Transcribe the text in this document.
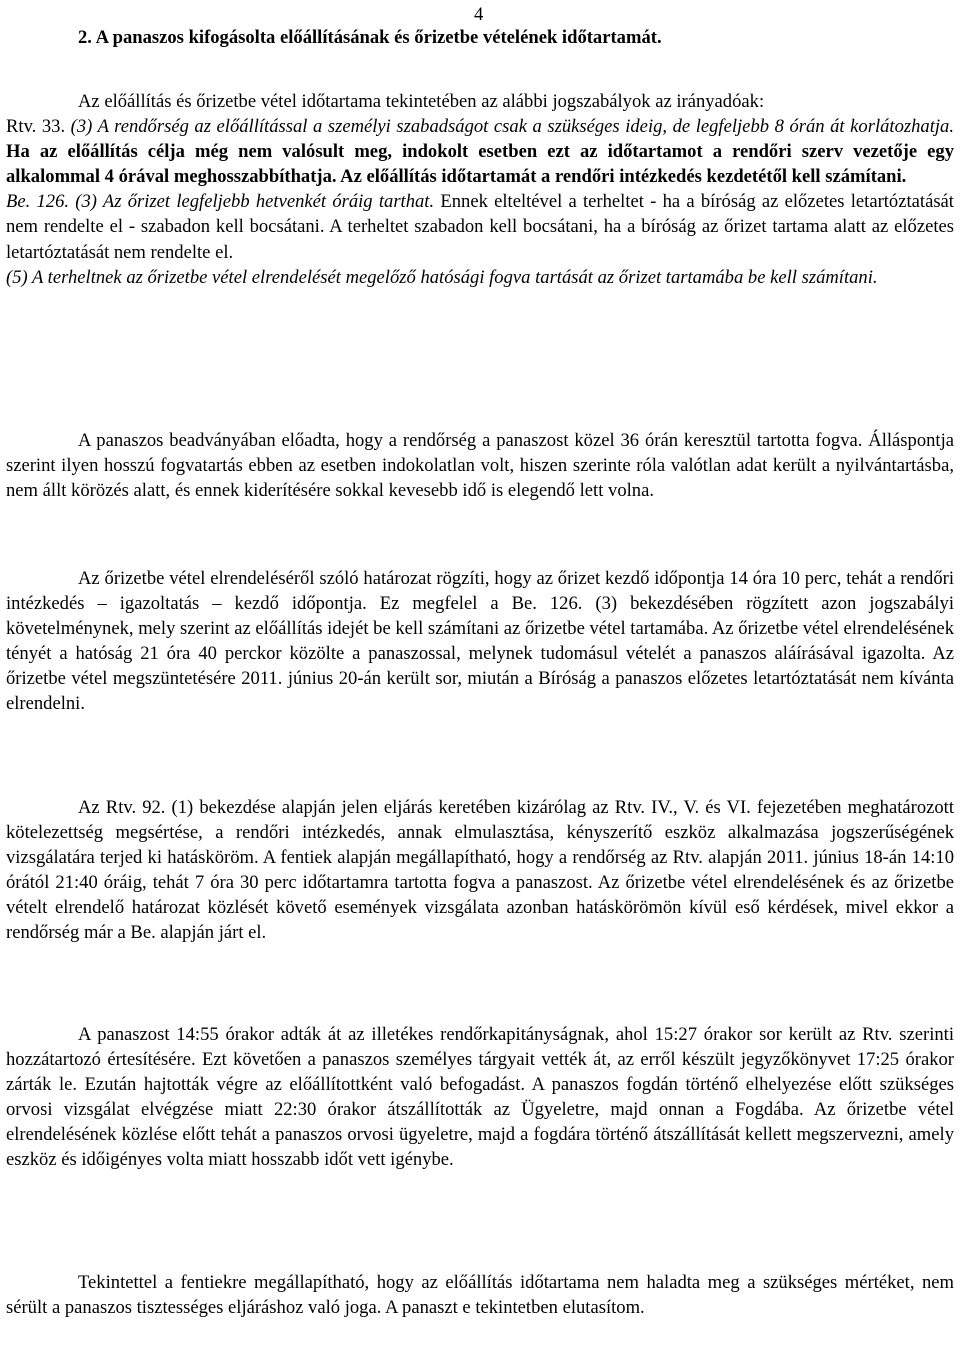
4
2. A panaszos kifogásolta előállításának és őrizetbe vételének időtartamát.
Az előállítás és őrizetbe vétel időtartama tekintetében az alábbi jogszabályok az irányadóak:
Rtv. 33. (3) A rendőrség az előállítással a személyi szabadságot csak a szükséges ideig, de legfeljebb 8 órán át korlátozhatja. Ha az előállítás célja még nem valósult meg, indokolt esetben ezt az időtartamot a rendőri szerv vezetője egy alkalommal 4 órával meghosszabbíthatja. Az előállítás időtartamát a rendőri intézkedés kezdetétől kell számítani.
Be. 126. (3) Az őrizet legfeljebb hetvenkét óráig tarthat. Ennek elteltével a terheltet - ha a bíróság az előzetes letartóztatását nem rendelte el - szabadon kell bocsátani. A terheltet szabadon kell bocsátani, ha a bíróság az őrizet tartama alatt az előzetes letartóztatását nem rendelte el.
(5) A terheltnek az őrizetbe vétel elrendelését megelőző hatósági fogva tartását az őrizet tartamába be kell számítani.

A panaszos beadványában előadta, hogy a rendőrség a panaszost közel 36 órán keresztül tartotta fogva. Álláspontja szerint ilyen hosszú fogvatartás ebben az esetben indokolatlan volt, hiszen szerinte róla valótlan adat került a nyilvántartásba, nem állt körözés alatt, és ennek kiderítésére sokkal kevesebb idő is elegendő lett volna.

Az őrizetbe vétel elrendeléséről szóló határozat rögzíti, hogy az őrizet kezdő időpontja 14 óra 10 perc, tehát a rendőri intézkedés – igazoltatás – kezdő időpontja. Ez megfelel a Be. 126. (3) bekezdésében rögzített azon jogszabályi követelménynek, mely szerint az előállítás idejét be kell számítani az őrizetbe vétel tartamába. Az őrizetbe vétel elrendelésének tényét a hatóság 21 óra 40 perckor közölte a panaszossal, melynek tudomásul vételét a panaszos aláírásával igazolta. Az őrizetbe vétel megszüntetésére 2011. június 20-án került sor, miután a Bíróság a panaszos előzetes letartóztatását nem kívánta elrendelni.

Az Rtv. 92. (1) bekezdése alapján jelen eljárás keretében kizárólag az Rtv. IV., V. és VI. fejezetében meghatározott kötelezettség megsértése, a rendőri intézkedés, annak elmulasztása, kényszerítő eszköz alkalmazása jogszerűségének vizsgálatára terjed ki hatásköröm. A fentiek alapján megállapítható, hogy a rendőrség az Rtv. alapján 2011. június 18-án 14:10 órától 21:40 óráig, tehát 7 óra 30 perc időtartamra tartotta fogva a panaszost. Az őrizetbe vétel elrendelésének és az őrizetbe vételt elrendelő határozat közlését követő események vizsgálata azonban hatáskörömön kívül eső kérdések, mivel ekkor a rendőrség már a Be. alapján járt el.

A panaszost 14:55 órakor adták át az illetékes rendőrkapitányságnak, ahol 15:27 órakor sor került az Rtv. szerinti hozzátartozó értesítésére. Ezt követően a panaszos személyes tárgyait vették át, az erről készült jegyzőkönyvet 17:25 órakor zárták le. Ezután hajtották végre az előállítottként való befogadást. A panaszos fogdán történő elhelyezése előtt szükséges orvosi vizsgálat elvégzése miatt 22:30 órakor átszállították az Ügyeletre, majd onnan a Fogdába. Az őrizetbe vétel elrendelésének közlése előtt tehát a panaszos orvosi ügyeletre, majd a fogdára történő átszállítását kellett megszervezni, amely eszköz és időigényes volta miatt hosszabb időt vett igénybe.

Tekintettel a fentiekre megállapítható, hogy az előállítás időtartama nem haladta meg a szükséges mértéket, nem sérült a panaszos tisztességes eljáráshoz való joga. A panaszt e tekintetben elutasítom.
